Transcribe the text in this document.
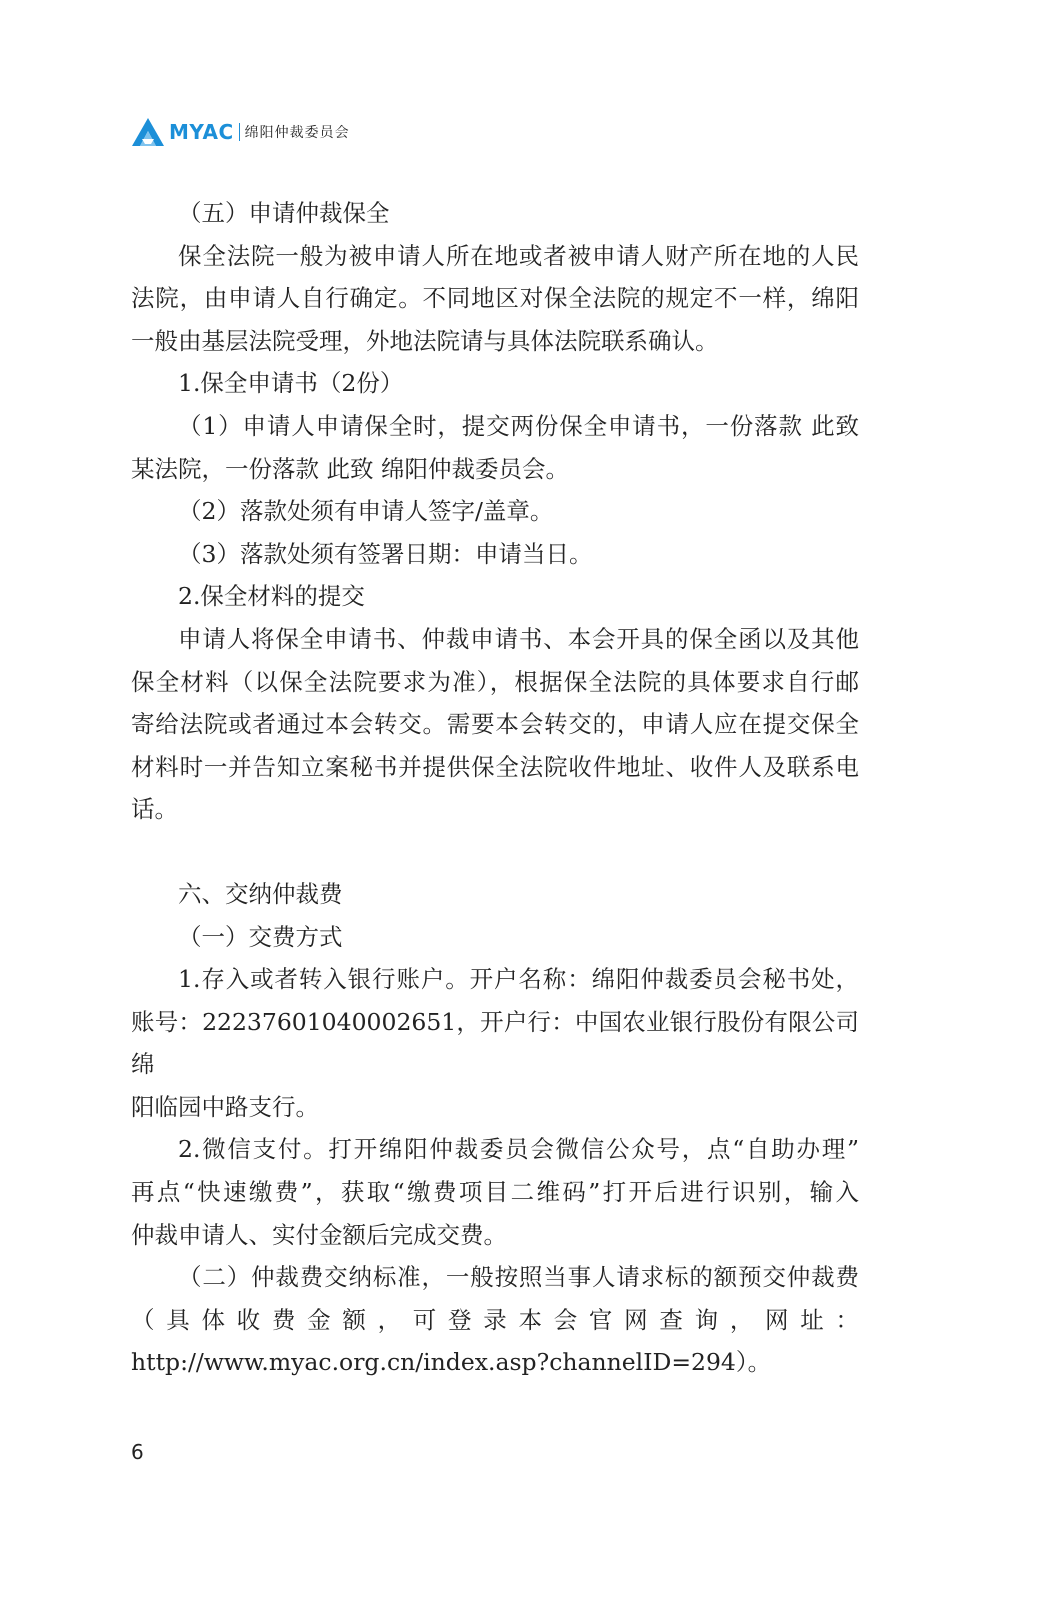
MYAC 绵阳仲裁委员会

（五）申请仲裁保全

保全法院一般为被申请人所在地或者被申请人财产所在地的人民

法院，由申请人自行确定。不同地区对保全法院的规定不一样，绵阳

一般由基层法院受理，外地法院请与具体法院联系确认。

1.保全申请书（2份）

（1）申请人申请保全时，提交两份保全申请书，一份落款 此致

某法院，一份落款 此致 绵阳仲裁委员会。

（2）落款处须有申请人签字/盖章。

（3）落款处须有签署日期：申请当日。

2.保全材料的提交

申请人将保全申请书、仲裁申请书、本会开具的保全函以及其他

保全材料（以保全法院要求为准），根据保全法院的具体要求自行邮

寄给法院或者通过本会转交。需要本会转交的，申请人应在提交保全

材料时一并告知立案秘书并提供保全法院收件地址、收件人及联系电

话。

六、交纳仲裁费

（一）交费方式

1.存入或者转入银行账户。开户名称：绵阳仲裁委员会秘书处，

账号：22237601040002651，开户行：中国农业银行股份有限公司绵

阳临园中路支行。

2.微信支付。打开绵阳仲裁委员会微信公众号，点“自助办理”

再点“快速缴费”，获取“缴费项目二维码”打开后进行识别，输入

仲裁申请人、实付金额后完成交费。

（二）仲裁费交纳标准，一般按照当事人请求标的额预交仲裁费

（具体收费金额，可登录本会官网查询，网址：

http://www.myac.org.cn/index.asp?channelID=294）。

6
